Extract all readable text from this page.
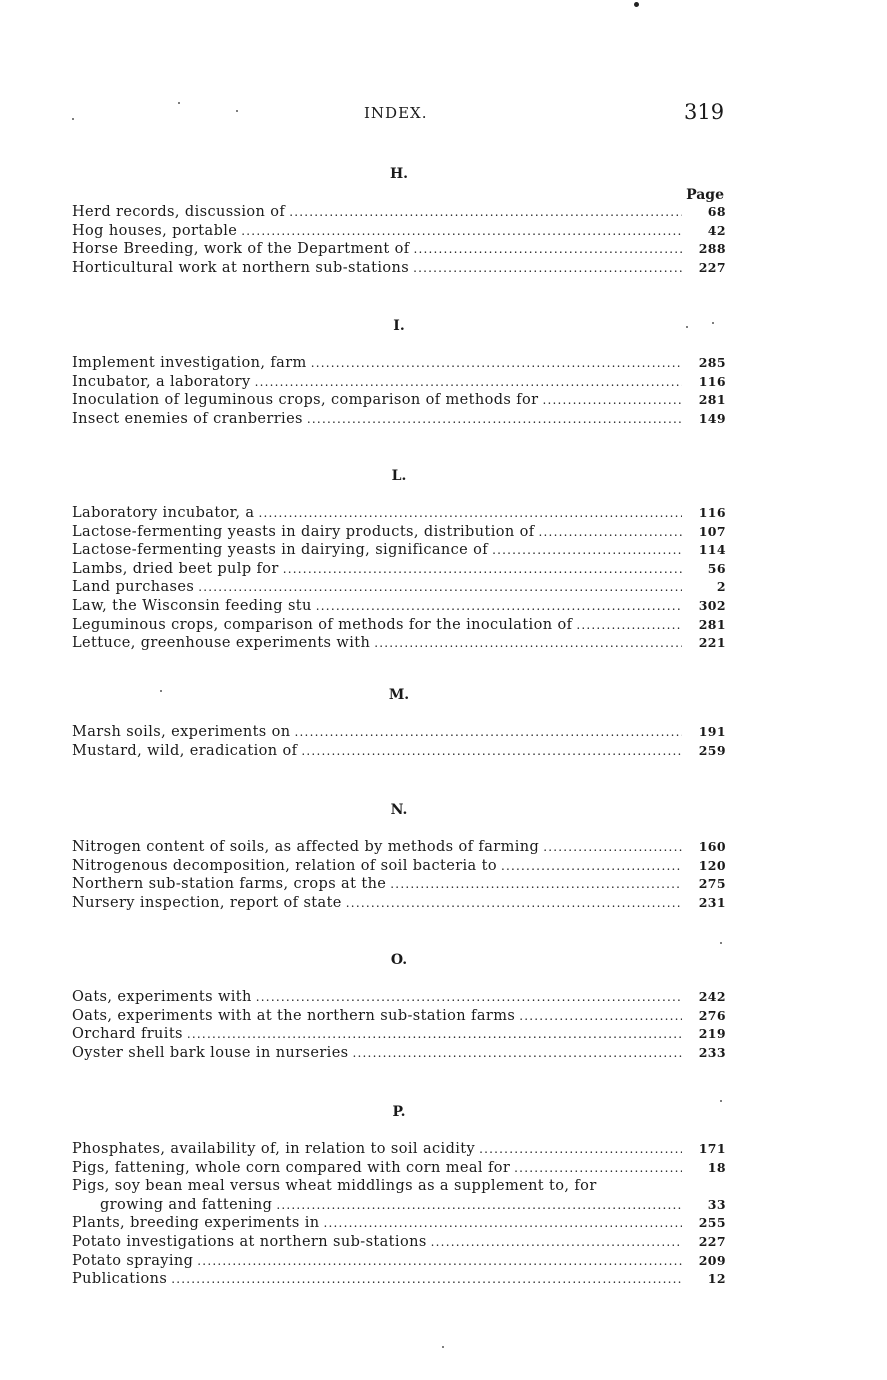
INDEX.	319
H.
Page
Herd records, discussion of .....	68
Hog houses, portable .....	42
Horse Breeding, work of the Department of .....	288
Horticultural work at northern sub-stations .....	227
I.
Implement investigation, farm .....	285
Incubator, a laboratory .....	116
Inoculation of leguminous crops, comparison of methods for .....	281
Insect enemies of cranberries .....	149
L.
Laboratory incubator, a .....	116
Lactose-fermenting yeasts in dairy products, distribution of .....	107
Lactose-fermenting yeasts in dairying, significance of .....	114
Lambs, dried beet pulp for .....	56
Land purchases .....	2
Law, the Wisconsin feeding stu .....	302
Leguminous crops, comparison of methods for the inoculation of .....	281
Lettuce, greenhouse experiments with .....	221
M.
Marsh soils, experiments on .....	191
Mustard, wild, eradication of .....	259
N.
Nitrogen content of soils, as affected by methods of farming .....	160
Nitrogenous decomposition, relation of soil bacteria to .....	120
Northern sub-station farms, crops at the .....	275
Nursery inspection, report of state .....	231
O.
Oats, experiments with .....	242
Oats, experiments with at the northern sub-station farms .....	276
Orchard fruits .....	219
Oyster shell bark louse in nurseries .....	233
P.
Phosphates, availability of, in relation to soil acidity .....	171
Pigs, fattening, whole corn compared with corn meal for .....	18
Pigs, soy bean meal versus wheat middlings as a supplement to, for
growing and fattening .....	33
Plants, breeding experiments in .....	255
Potato investigations at northern sub-stations .....	227
Potato spraying .....	209
Publications .....	12
